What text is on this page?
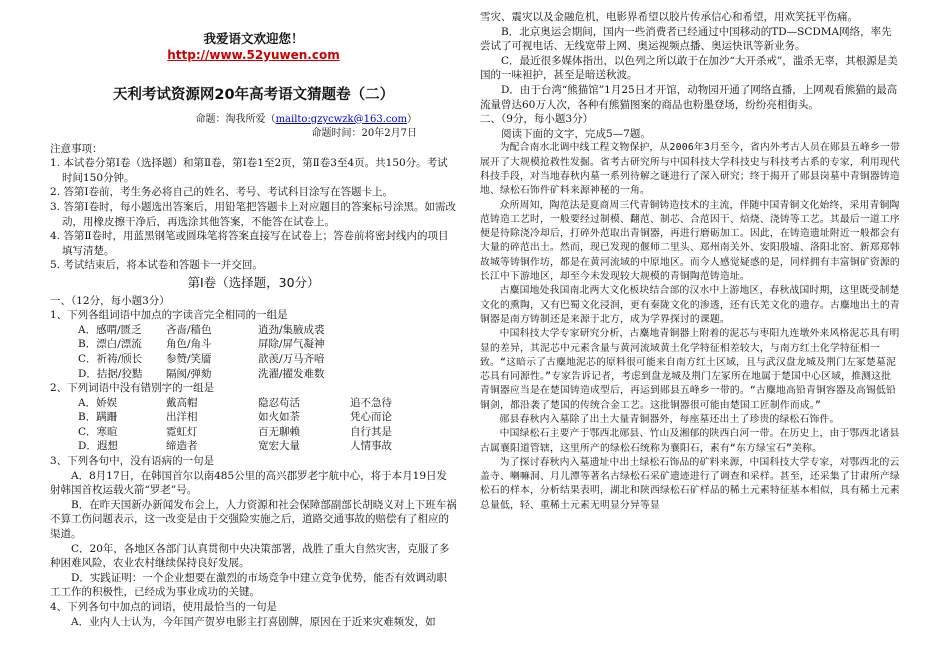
我爱语文欢迎您！
http://www.52yuwen.com
天利考试资源网20年高考语文猜题卷（二）
命题：淘我所爱（mailto:gzycwzk@163.com）
命题时间：20年2月7日

注意事项：

1. 本试卷分第Ⅰ卷（选择题）和第Ⅱ卷，第Ⅰ卷1至2页，第Ⅱ卷3至4页。共150分。考试时间150分钟。

2. 答第Ⅰ卷前，考生务必将自己的姓名、考号、考试科目涂写在答题卡上。

3. 答第Ⅰ卷时，每小题选出答案后，用铅笔把答题卡上对应题目的答案标号涂黑。如需改动，用橡皮擦干净后，再选涂其他答案，不能答在试卷上。

4. 答第Ⅱ卷时，用蓝黑钢笔或圆珠笔将答案直接写在试卷上；答卷前将密封线内的项目填写清楚。

5. 考试结束后，将本试卷和答题卡一并交回。

第Ⅰ卷（选择题，30分）

一、（12分，每小题3分）

1、下列各组词语中加点的字读音完全相同的一组是

A．感喟/匮乏	吝啬/穑色	逍劲/集腋成裘
B．漂白/漂流	角色/角斗	屏除/屏气凝神
C．祈祷/颀长	参赞/笑靥	歆羡/万马齐喑
D．拮据/狡黠	隔阂/弹劾	洗濯/擢发难数

2、下列词语中没有错别字的一组是

A．娇娱	戴高帽	隐忍苟活	追不急待
B．蹒跚	出洋相	如火如荼	凭心而论
C．寒暄	霓虹灯	百无聊赖	自行其是
D．遐想	缔造者	宽宏大量	人情事故

3、下列各句中，没有语病的一句是

A．8月17日，在韩国首尔以南485公里的高兴郡罗老宇航中心，将于本月19日发射韩国首枚运载火箭“罗老”号。

B．在昨天国新办新闻发布会上，人力资源和社会保障部副部长胡晓义对上下班车祸不算工伤问题表示，这一改变是由于交强险实施之后，道路交通事故的赔偿有了相应的渠道。

C．20年，各地区各部门认真贯彻中央决策部署，战胜了重大自然灾害，克服了多种困难风险，农业农村继续保持良好发展。

D．实践证明：一个企业想要在激烈的市场竞争中建立竞争优势，能否有效调动职工工作的积极性，已经成为事业成功的关键。

4、下列各句中加点的词语，使用最恰当的一句是

A．业内人士认为，今年国产贺岁电影主打喜剧牌，原因在于近来灾难频发，如

雪灾、震灾以及金融危机，电影界希望以胶片传承信心和希望，用欢笑抚平伤痛。

B．北京奥运会期间，国内一些消费者已经通过中国移动的TD—SCDMA网络，率先尝试了可视电话、无线宽带上网、奥运视频点播、奥运快讯等新业务。

C．最近很多媒体指出，以色列之所以敢于在加沙“大开杀戒”，滥杀无辜，其根源是美国的一味袒护，甚至是暗送秋波。

D．由于台湾“熊猫馆”1月25日才开馆，动物园开通了网络直播，上网观看熊猫的最高流量曾达60万人次，各种有熊猫图案的商品也粉墨登场，纷纷亮相街头。

二、（9分，每小题3分）

阅读下面的文字，完成5—7题。

为配合南水北调中线工程文物保护，从2006年3月至今，省内外考古人员在郧县五峰乡一带展开了大规模抢救性发掘。省考古研究所与中国科技大学科技史与科技考古系的专家，利用现代科技手段，对当地春秋内墓一系列待解之谜进行了深入研究；终于揭开了郧县岗墓中青铜器铸造地、绿松石饰件矿料来源神秘的一角。

众所周知，陶范法是夏商周三代青铜铸造技术的主流，伴随中国青铜文化始终，采用青铜陶范铸造工艺时，一般要经过制模、翻范、制芯、合范因干、焙烧、浇铸等工艺。其最后一道工序便是待除浇冷却后，打碎外范取出青铜器，再进行磨砺加工。因此，在铸造遗址附近一般都会有大量的碎范出土。然而，现已发现的偃师二里头、郑州南关外、安阳殷墟、洛阳北窑、新郑郑韩故城等铸铜作坊，都是在黄河流域的中原地区。而今人感觉疑惑的是，同样拥有丰富铜矿资源的长江中下游地区，却至今未发现较大规模的青铜陶范铸造址。

古麋国地处我国南北两大文化板块结合部的汉水中上游地区，春秋战国时期，这里既受制楚文化的熏陶，又有巴蜀文化浸润，更有秦陇文化的渗透，还有氏羌文化的遗存。古麋地出土的青铜器是南方铸制还是来源于北方，成为学界探讨的课题。

中国科技大学专家研究分析，古麋地青铜器上附着的泥芯与枣阳九连墩外来风格泥芯具有明显的差异，其泥芯中元素含量与黄河流域黄土化学特征相差较大，与南方红土化学特征相一致。“这暗示了古麋地泥芯的原料很可能来自南方红土区域，且与武汉盘龙城及荆门左冢楚墓泥芯具有同源性。”专家告诉记者，考虑到盘龙城及荆门左冢所在地属于楚国中心区域，推测这批青铜器应当是在楚国铸造成型后，再运到郧县五峰乡一带的。“古麋地高铅青铜容器及高锡低铅铜剑，都沿袭了楚国的传统合金工艺。这批铜器很可能由楚国工匠制作而成。”

郧县春秋内入墓除了出土大量青铜器外，每座墓还出土了珍贵的绿松石饰件。

中国绿松石主要产于鄂西北郧县、竹山及湘郁的陕西白河一带。在历史上，由于鄂西北诸县古属襄阳道管辖，这里所产的绿松石统称为襄阳石，素有“东方绿宝石”美称。

为了探讨春秋内入墓遗址中出土绿松石饰品的矿料来源，中国科技大学专家，对鄂西北的云盖寺、喇嘛洞、月儿潭等著名古绿松石采矿遗迹进行了调查和采样。甚至，还采集了甘肃所产绿松石的样本，分析结果表明，湖北和陕西绿松石矿样品的稀土元素特征基本相似，具有稀土元素总量低，轻、重稀土元素无明显分异等显
